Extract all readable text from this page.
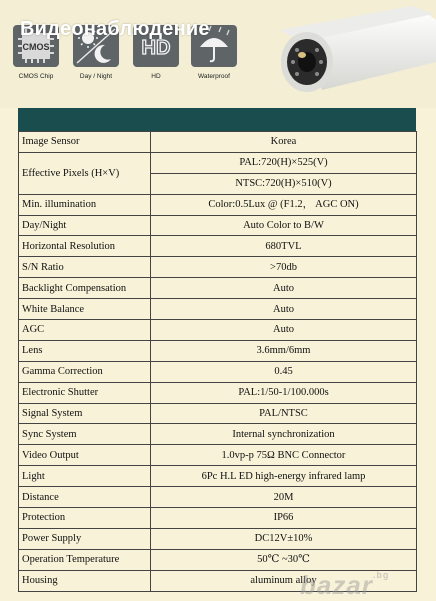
Видеонаблюдение
CMOS
CMOS Chip	Day / Night
HD
HD	Waterproof
Image Sensor	Korea
Effective Pixels (H×V)	PAL:720(H)×525(V)
	NTSC:720(H)×510(V)
Min. illumination	Color:0.5Lux @ (F1.2， AGC ON)
Day/Night	Auto Color to B/W
Horizontal Resolution	680TVL
S/N Ratio	>70db
Backlight Compensation	Auto
White Balance	Auto
AGC	Auto
Lens	3.6mm/6mm
Gamma Correction	0.45
Electronic Shutter	PAL:1/50-1/100.000s
Signal System	PAL/NTSC
Sync System	Internal synchronization
Video Output	1.0vp-p 75Ω BNC Connector
Light	6Pc H.L ED high-energy infrared lamp
Distance	20M
Protection	IP66
Power Supply	DC12V±10%
Operation Temperature	50℃ ~30℃
Housing	aluminum alloy
bazar$^{.bg}$
